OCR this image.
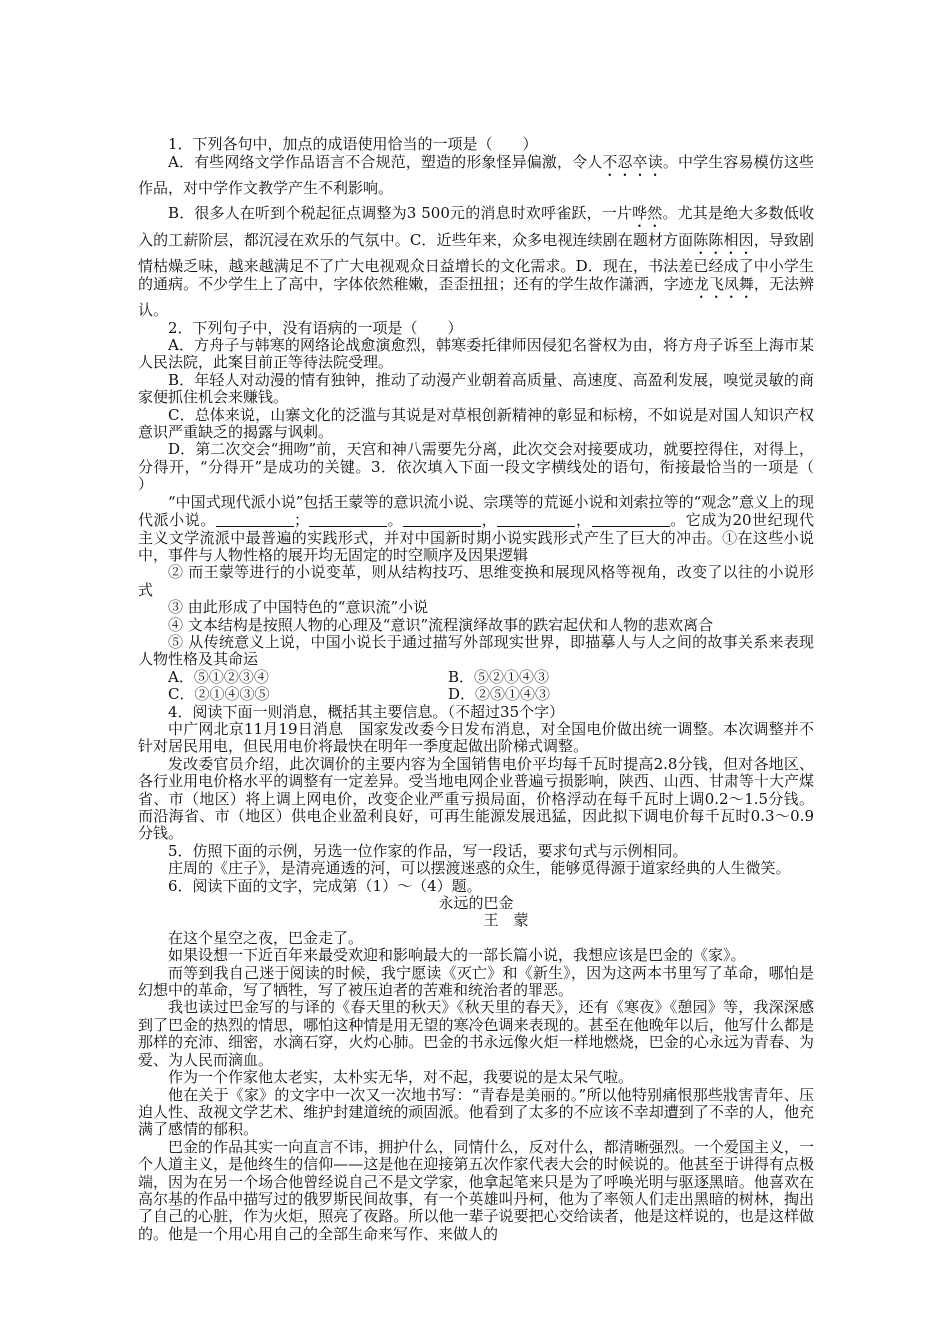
1．下列各句中，加点的成语使用恰当的一项是（　　）

A．有些网络文学作品语言不合规范，塑造的形象怪异偏激，令人不忍卒读。中学生容易模仿这些作品，对中学作文教学产生不利影响。

B．很多人在听到个税起征点调整为3 500元的消息时欢呼雀跃，一片哗然。尤其是绝大多数低收入的工薪阶层，都沉浸在欢乐的气氛中。C．近些年来，众多电视连续剧在题材方面陈陈相因，导致剧情枯燥乏味，越来越满足不了广大电视观众日益增长的文化需求。D．现在，书法差已经成了中小学生的通病。不少学生上了高中，字体依然稚嫩，歪歪扭扭；还有的学生故作潇洒，字迹龙飞凤舞，无法辨认。

2．下列句子中，没有语病的一项是（　　）

A．方舟子与韩寒的网络论战愈演愈烈，韩寒委托律师因侵犯名誉权为由，将方舟子诉至上海市某人民法院，此案目前正等待法院受理。

B．年轻人对动漫的情有独钟，推动了动漫产业朝着高质量、高速度、高盈利发展，嗅觉灵敏的商家便抓住机会来赚钱。

C．总体来说，山寨文化的泛滥与其说是对草根创新精神的彰显和标榜，不如说是对国人知识产权意识严重缺乏的揭露与讽刺。

D．第二次交会“拥吻”前，天宫和神八需要先分离，此次交会对接要成功，就要控得住，对得上，分得开，“分得开”是成功的关键。3．依次填入下面一段文字横线处的语句，衔接最恰当的一项是（　　）

“中国式现代派小说”包括王蒙等的意识流小说、宗璞等的荒诞小说和刘索拉等的“观念”意义上的现代派小说。	；	。	，	，	。它成为20世纪现代主义文学流派中最普遍的实践形式，并对中国新时期小说实践形式产生了巨大的冲击。①在这些小说中，事件与人物性格的展开均无固定的时空顺序及因果逻辑

② 而王蒙等进行的小说变革，则从结构技巧、思维变换和展现风格等视角，改变了以往的小说形式

③ 由此形成了中国特色的“意识流”小说

④ 文本结构是按照人物的心理及“意识”流程演绎故事的跌宕起伏和人物的悲欢离合

⑤ 从传统意义上说，中国小说长于通过描写外部现实世界，即描摹人与人之间的故事关系来表现人物性格及其命运

A．⑤①②③④	B．⑤②①④③
C．②①④③⑤	D．②⑤①④③

4．阅读下面一则消息，概括其主要信息。（不超过35个字）

中广网北京11月19日消息　国家发改委今日发布消息，对全国电价做出统一调整。本次调整并不针对居民用电，但民用电价将最快在明年一季度起做出阶梯式调整。

发改委官员介绍，此次调价的主要内容为全国销售电价平均每千瓦时提高2.8分钱，但对各地区、各行业用电价格水平的调整有一定差异。受当地电网企业普遍亏损影响，陕西、山西、甘肃等十大产煤省、市（地区）将上调上网电价，改变企业严重亏损局面，价格浮动在每千瓦时上调0.2～1.5分钱。而沿海省、市（地区）供电企业盈利良好，可再生能源发展迅猛，因此拟下调电价每千瓦时0.3～0.9分钱。

5．仿照下面的示例，另选一位作家的作品，写一段话，要求句式与示例相同。

庄周的《庄子》，是清亮通透的河，可以摆渡迷惑的众生，能够觅得源于道家经典的人生微笑。

6．阅读下面的文字，完成第（1）～（4）题。

永远的巴金

王　蒙

在这个星空之夜，巴金走了。

如果设想一下近百年来最受欢迎和影响最大的一部长篇小说，我想应该是巴金的《家》。

而等到我自己迷于阅读的时候，我宁愿读《灭亡》和《新生》，因为这两本书里写了革命，哪怕是幻想中的革命，写了牺牲，写了被压迫者的苦难和统治者的罪恶。

我也读过巴金写的与译的《春天里的秋天》《秋天里的春天》，还有《寒夜》《憩园》等，我深深感到了巴金的热烈的情思，哪怕这种情是用无望的寒冷色调来表现的。甚至在他晚年以后，他写什么都是那样的充沛、细密，水滴石穿，火灼心肺。巴金的书永远像火炬一样地燃烧，巴金的心永远为青春、为爱、为人民而滴血。

作为一个作家他太老实，太朴实无华，对不起，我要说的是太呆气啦。

他在关于《家》的文字中一次又一次地书写：“青春是美丽的。”所以他特别痛恨那些戕害青年、压迫人性、敌视文学艺术、维护封建道统的顽固派。他看到了太多的不应该不幸却遭到了不幸的人，他充满了感情的郁积。

巴金的作品其实一向直言不讳，拥护什么，同情什么，反对什么，都清晰强烈。一个爱国主义，一个人道主义，是他终生的信仰——这是他在迎接第五次作家代表大会的时候说的。他甚至于讲得有点极端，因为在另一个场合他曾经说自己不是文学家，他拿起笔来只是为了呼唤光明与驱逐黑暗。他喜欢在高尔基的作品中描写过的俄罗斯民间故事，有一个英雄叫丹柯，他为了率领人们走出黑暗的树林，掏出了自己的心脏，作为火炬，照亮了夜路。所以他一辈子说要把心交给读者，他是这样说的，也是这样做的。他是一个用心用自己的全部生命来写作、来做人的
